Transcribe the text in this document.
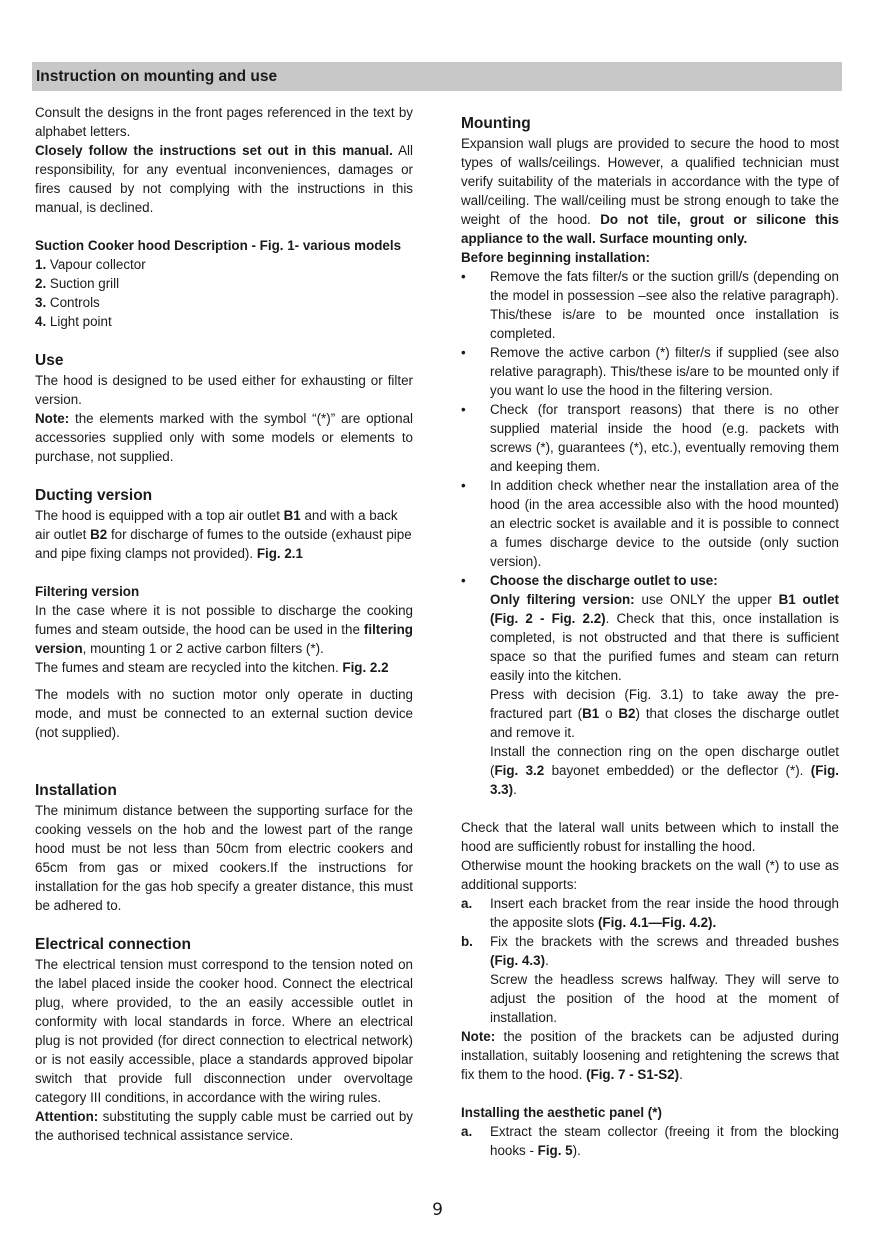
Instruction on mounting and use

Consult the designs in the front pages referenced in the text by alphabet letters.
Closely follow the instructions set out in this manual. All responsibility, for any eventual inconveniences, damages or fires caused by not complying with the instructions in this manual, is declined.

Suction Cooker hood Description - Fig. 1- various models

1. Vapour collector
2. Suction grill
3. Controls
4. Light point

Use

The hood is designed to be used either for exhausting or filter version.
Note: the elements marked with the symbol “(*)” are optional accessories supplied only with some models or elements to purchase, not supplied.

Ducting version

The hood is equipped with a top air outlet B1 and with a back air outlet B2 for discharge of fumes to the outside (exhaust pipe and pipe fixing clamps not provided). Fig. 2.1

Filtering version

In the case where it is not possible to discharge the cooking fumes and steam outside, the hood can be used in the filtering version, mounting 1 or 2 active carbon filters (*).
The fumes and steam are recycled into the kitchen. Fig. 2.2

The models with no suction motor only operate in ducting mode, and must be connected to an external suction device (not supplied).

Installation

The minimum distance between the supporting surface for the cooking vessels on the hob and the lowest part of the range hood must be not less than 50cm from electric cookers and 65cm from gas or mixed cookers.If the instructions for installation for the gas hob specify a greater distance, this must be adhered to.

Electrical connection

The electrical tension must correspond to the tension noted on the label placed inside the cooker hood. Connect the electrical plug, where provided, to the an easily accessible outlet in conformity with local standards in force. Where an electrical plug is not provided (for direct connection to electrical network) or is not easily accessible, place a standards approved bipolar switch that provide full disconnection under overvoltage category III conditions, in accordance with the wiring rules.
Attention: substituting the supply cable must be carried out by the authorised technical assistance service.

Mounting

Expansion wall plugs are provided to secure the hood to most types of walls/ceilings. However, a qualified technician must verify suitability of the materials in accordance with the type of wall/ceiling. The wall/ceiling must be strong enough to take the weight of the hood. Do not tile, grout or silicone this appliance to the wall. Surface mounting only.

Before beginning installation:

• Remove the fats filter/s or the suction grill/s (depending on the model in possession –see also the relative paragraph). This/these is/are to be mounted once installation is completed.
• Remove the active carbon (*) filter/s if supplied (see also relative paragraph). This/these is/are to be mounted only if you want lo use the hood in the filtering version.
• Check (for transport reasons) that there is no other supplied material inside the hood (e.g. packets with screws (*), guarantees (*), etc.), eventually removing them and keeping them.
• In addition check whether near the installation area of the hood (in the area accessible also with the hood mounted) an electric socket is available and it is possible to connect a fumes discharge device to the outside (only suction version).
• Choose the discharge outlet to use:
Only filtering version: use ONLY the upper B1 outlet (Fig. 2 - Fig. 2.2). Check that this, once installation is completed, is not obstructed and that there is sufficient space so that the purified fumes and steam can return easily into the kitchen.
Press with decision (Fig. 3.1) to take away the pre-fractured part (B1 o B2) that closes the discharge outlet and remove it.
Install the connection ring on the open discharge outlet (Fig. 3.2 bayonet embedded) or the deflector (*). (Fig. 3.3).

Check that the lateral wall units between which to install the hood are sufficiently robust for installing the hood.
Otherwise mount the hooking brackets on the wall (*) to use as additional supports:

a. Insert each bracket from the rear inside the hood through the apposite slots (Fig. 4.1—Fig. 4.2).
b. Fix the brackets with the screws and threaded bushes (Fig. 4.3).
Screw the headless screws halfway. They will serve to adjust the position of the hood at the moment of installation.

Note: the position of the brackets can be adjusted during installation, suitably loosening and retightening the screws that fix them to the hood. (Fig. 7 - S1-S2).

Installing the aesthetic panel (*)

a. Extract the steam collector (freeing it from the blocking hooks - Fig. 5).
9
